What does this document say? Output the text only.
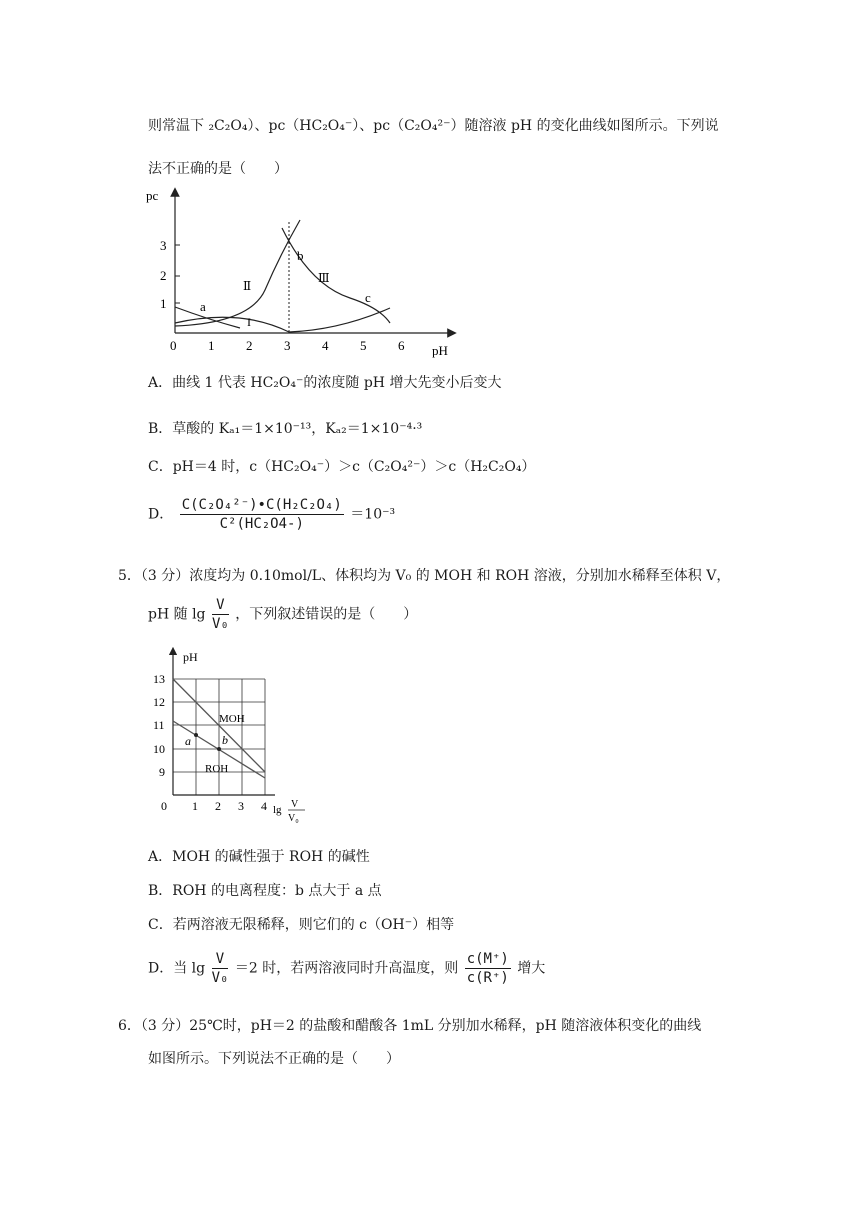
则常温下 ₂C₂O₄）、pc（HC₂O₄⁻）、pc（C₂O₄²⁻）随溶液 pH 的变化曲线如图所示。下列说
法不正确的是（　　）
pc
pH
0 1 2 3 4 5 6
1
2
3
a
b
c
I
Ⅱ
Ⅲ
A．曲线 1 代表 HC₂O₄⁻的浓度随 pH 增大先变小后变大
B．草酸的 Kₐ₁＝1×10⁻¹³，Kₐ₂＝1×10⁻⁴·³
C．pH＝4 时，c（HC₂O₄⁻）＞c（C₂O₄²⁻）＞c（H₂C₂O₄）
D． $\frac{\text{C(C₂O₄²⁻)•C(H₂C₂O₄)}}{\text{C²(HC₂O4-)}} =10^{-3}$
5．（3 分）浓度均为 0.10mol/L、体积均为 V₀ 的 MOH 和 ROH 溶液，分别加水稀释至体积 V，
pH 随 $\lg \frac{V}{\text{V₀}}$ ，下列叙述错误的是（　　）
pH
13
12
11
10
9
0 1 2 3 4 lg V
V₀
a	b
MOH
ROH
A．MOH 的碱性强于 ROH 的碱性
B．ROH 的电离程度：b 点大于 a 点
C．若两溶液无限稀释，则它们的 c（OH⁻）相等
D．当 $\lg \frac{V}{\text{V₀}} =2$ 时，若两溶液同时升高温度，则 $\frac{c(M^+)}{c(R^+)}$ 增大
6．（3 分）25℃时，pH＝2 的盐酸和醋酸各 1mL 分别加水稀释，pH 随溶液体积变化的曲线
如图所示。下列说法不正确的是（　　）
